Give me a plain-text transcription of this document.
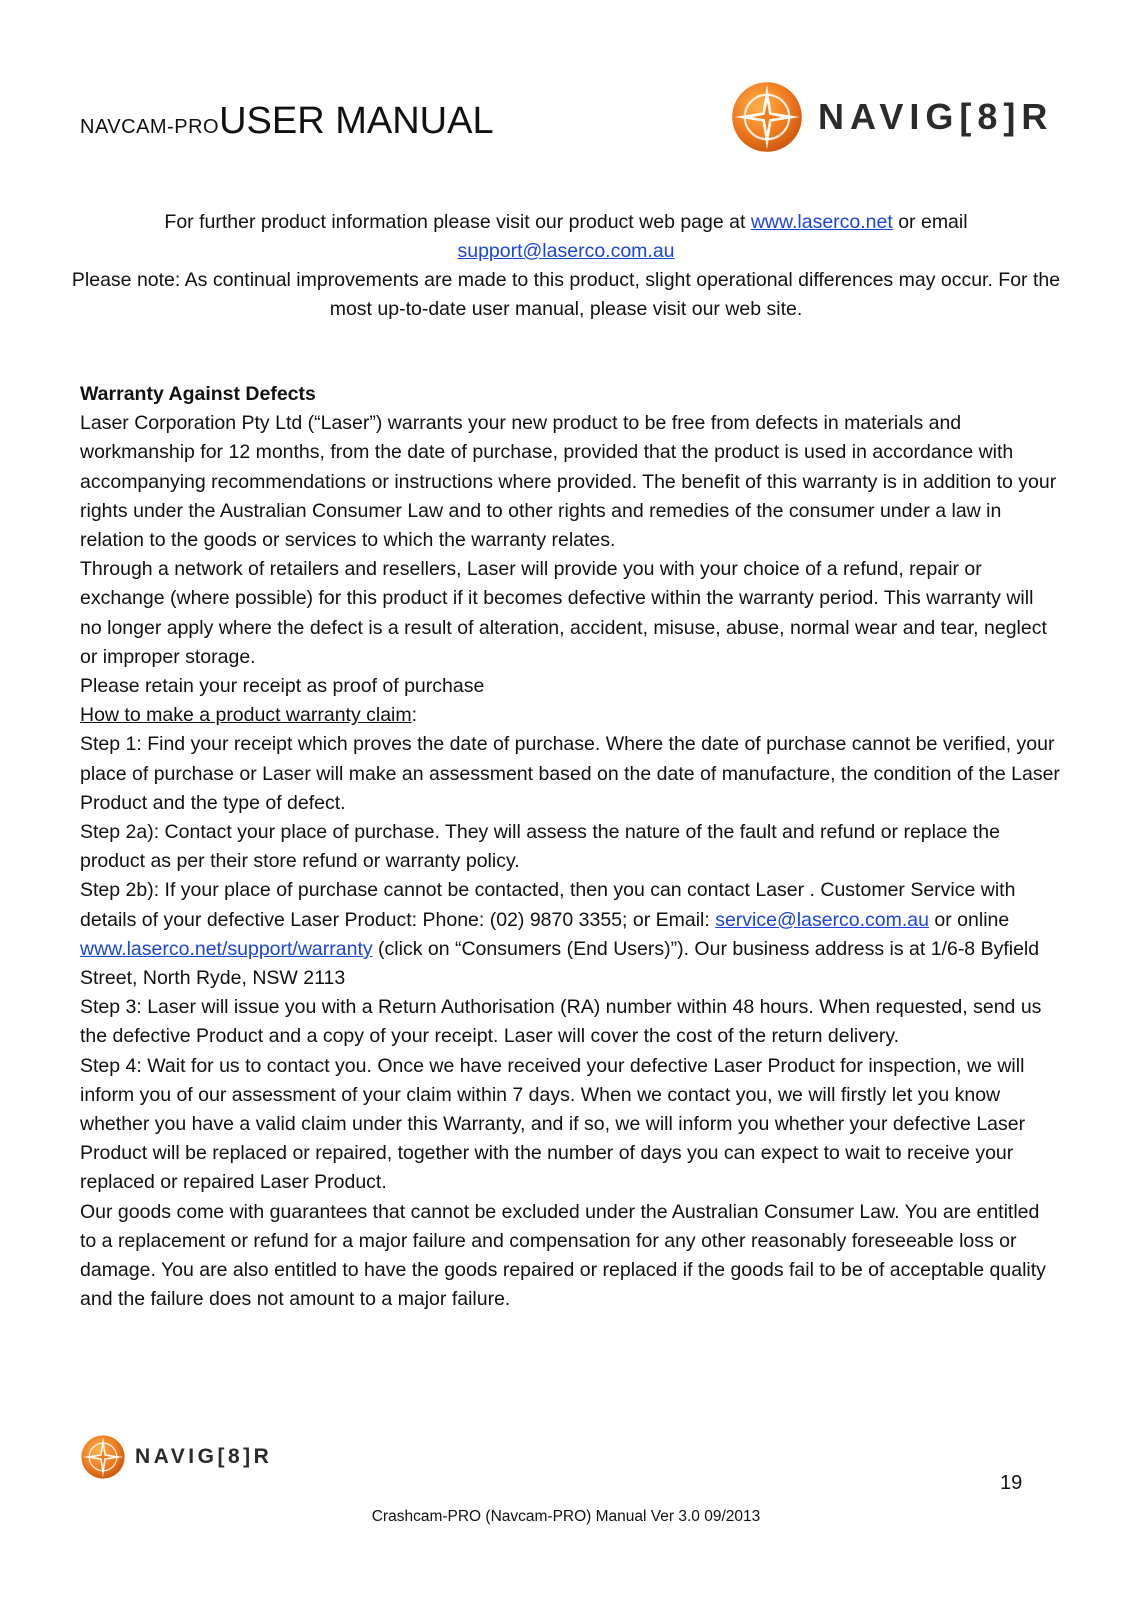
NAVCAM-PROUSER MANUAL	NAVIG[8]R
For further product information please visit our product web page at www.laserco.net or email
support@laserco.com.au
Please note: As continual improvements are made to this product, slight operational differences may occur. For the most up-to-date user manual, please visit our web site.

Warranty Against Defects

Laser Corporation Pty Ltd (“Laser”) warrants your new product to be free from defects in materials and workmanship for 12 months, from the date of purchase, provided that the product is used in accordance with accompanying recommendations or instructions where provided. The benefit of this warranty is in addition to your rights under the Australian Consumer Law and to other rights and remedies of the consumer under a law in relation to the goods or services to which the warranty relates.

Through a network of retailers and resellers, Laser will provide you with your choice of a refund, repair or exchange (where possible) for this product if it becomes defective within the warranty period. This warranty will no longer apply where the defect is a result of alteration, accident, misuse, abuse, normal wear and tear, neglect or improper storage.

Please retain your receipt as proof of purchase

How to make a product warranty claim:

Step 1: Find your receipt which proves the date of purchase. Where the date of purchase cannot be verified, your place of purchase or Laser will make an assessment based on the date of manufacture, the condition of the Laser Product and the type of defect.

Step 2a): Contact your place of purchase. They will assess the nature of the fault and refund or replace the product as per their store refund or warranty policy.

Step 2b): If your place of purchase cannot be contacted, then you can contact Laser . Customer Service with details of your defective Laser Product: Phone: (02) 9870 3355; or Email: service@laserco.com.au or online www.laserco.net/support/warranty (click on “Consumers (End Users)”). Our business address is at 1/6-8 Byfield Street, North Ryde, NSW 2113

Step 3: Laser will issue you with a Return Authorisation (RA) number within 48 hours. When requested, send us the defective Product and a copy of your receipt. Laser will cover the cost of the return delivery.

Step 4: Wait for us to contact you. Once we have received your defective Laser Product for inspection, we will inform you of our assessment of your claim within 7 days. When we contact you, we will firstly let you know whether you have a valid claim under this Warranty, and if so, we will inform you whether your defective Laser Product will be replaced or repaired, together with the number of days you can expect to wait to receive your replaced or repaired Laser Product.

Our goods come with guarantees that cannot be excluded under the Australian Consumer Law. You are entitled to a replacement or refund for a major failure and compensation for any other reasonably foreseeable loss or damage. You are also entitled to have the goods repaired or replaced if the goods fail to be of acceptable quality and the failure does not amount to a major failure.

NAVIG[8]R
19
Crashcam-PRO (Navcam-PRO) Manual Ver 3.0 09/2013
